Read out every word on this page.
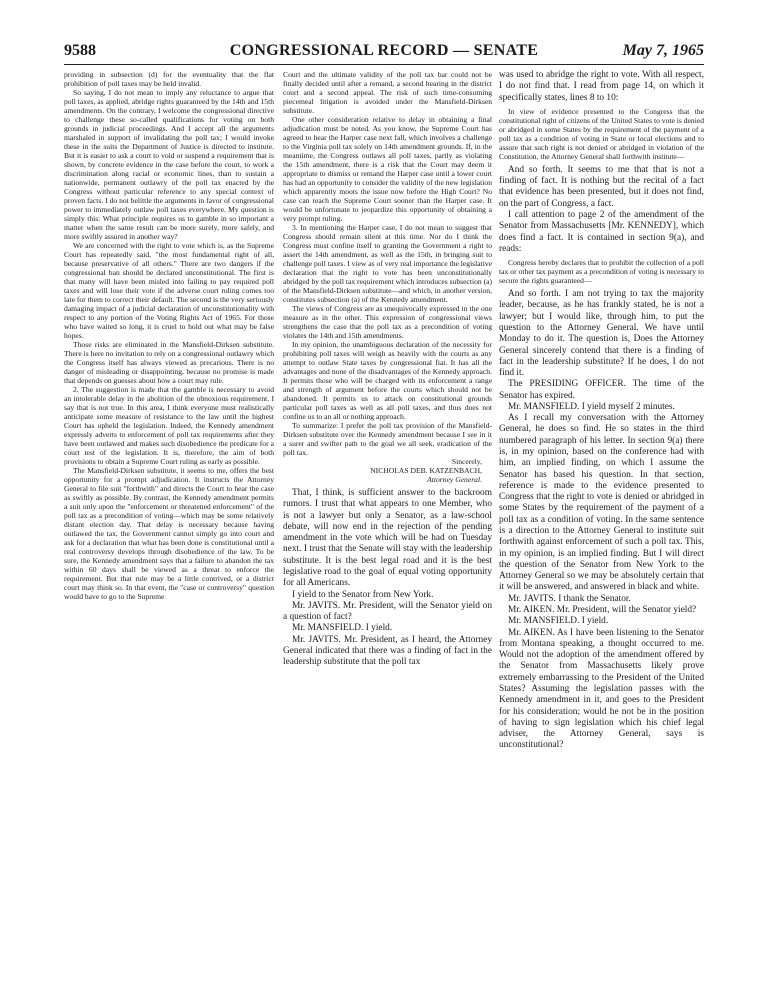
9588	CONGRESSIONAL RECORD — SENATE	May 7, 1965

providing in subsection (d) for the eventuality that the flat prohibition of poll taxes may be held invalid.

So saying, I do not mean to imply any reluctance to argue that poll taxes, as applied, abridge rights guaranteed by the 14th and 15th amendments. On the contrary, I welcome the congressional directive to challenge these so-called qualifications for voting on both grounds in judicial proceedings. And I accept all the arguments marshaled in support of invalidating the poll tax; I would invoke these in the suits the Department of Justice is directed to institute. But it is easier to ask a court to void or suspend a requirement that is shown, by concrete evidence in the case before the court, to work a discrimination along racial or economic lines, than to sustain a nationwide, permanent outlawry of the poll tax enacted by the Congress without particular reference to any special context of proven facts. I do not belittle the arguments in favor of congressional power to immediately outlaw poll taxes everywhere. My question is simply this: What principle requires us to gamble in so important a matter when the same result can be more surely, more safely, and more swiftly assured in another way?

We are concerned with the right to vote which is, as the Supreme Court has repeatedly said, "the most fundamental right of all, because preservative of all others." There are two dangers if the congressional ban should be declared unconstitutional. The first is that many will have been misled into failing to pay required poll taxes and will lose their vote if the adverse court ruling comes too late for them to correct their default. The second is the very seriously damaging impact of a judicial declaration of unconstitutionality with respect to any portion of the Voting Rights Act of 1965. For those who have waited so long, it is cruel to hold out what may be false hopes.

Those risks are eliminated in the Mansfield-Dirksen substitute. There is here no invitation to rely on a congressional outlawry which the Congress itself has always viewed as precarious. There is no danger of misleading or disappointing, because no promise is made that depends on guesses about how a court may rule.

2. The suggestion is made that the gamble is necessary to avoid an intolerable delay in the abolition of the obnoxious requirement. I say that is not true. In this area, I think everyone must realistically anticipate some measure of resistance to the law until the highest Court has upheld the legislation. Indeed, the Kennedy amendment expressly adverts to enforcement of poll tax requirements after they have been outlawed and makes such disobedience the predicate for a court test of the legislation. It is, therefore, the aim of both provisions to obtain a Supreme Court ruling as early as possible.

The Mansfield-Dirksen substitute, it seems to me, offers the best opportunity for a prompt adjudication. It instructs the Attorney General to file suit "forthwith" and directs the Court to hear the case as swiftly as possible. By contrast, the Kennedy amendment permits a suit only upon the "enforcement or threatened enforcement" of the poll tax as a precondition of voting—which may be some relatively distant election day. That delay is necessary because having outlawed the tax, the Government cannot simply go into court and ask for a declaration that what has been done is constitutional until a real controversy develops through disobedience of the law. To be sure, the Kennedy amendment says that a failure to abandon the tax within 60 days shall be viewed as a threat to enforce the requirement. But that rule may be a little contrived, or a district court may think so. In that event, the "case or controversy" question would have to go to the Supreme

Court and the ultimate validity of the poll tax bar could not be finally decided until after a remand, a second hearing in the district court and a second appeal. The risk of such time-consuming piecemeal litigation is avoided under the Mansfield-Dirksen substitute.

One other consideration relative to delay in obtaining a final adjudication must be noted. As you know, the Supreme Court has agreed to hear the Harper case next fall, which involves a challenge to the Virginia poll tax solely on 14th amendment grounds. If, in the meantime, the Congress outlaws all poll taxes, partly as violating the 15th amendment, there is a risk that the Court may deem it appropriate to dismiss or remand the Harper case until a lower court has had an opportunity to consider the validity of the new legislation which apparently moots the issue now before the High Court? No case can reach the Supreme Court sooner than the Harper case. It would be unfortunate to jeopardize this opportunity of obtaining a very prompt ruling.

3. In mentioning the Harper case, I do not mean to suggest that Congress should remain silent at this time. Nor do I think the Congress must confine itself to granting the Government a right to assert the 14th amendment, as well as the 15th, in bringing suit to challenge poll taxes. I view as of very real importance the legislative declaration that the right to vote has been unconstitutionally abridged by the poll tax requirement which introduces subsection (a) of the Mansfield-Dirksen substitute—and which, in another version, constitutes subsection (a) of the Kennedy amendment.

The views of Congress are as unequivocally expressed in the one measure as in the other. This expression of congressional views strengthens the case that the poll tax as a precondition of voting violates the 14th and 15th amendments.

In my opinion, the unambiguous declaration of the necessity for prohibiting poll taxes will weigh as heavily with the courts as any attempt to outlaw State taxes by congressional fiat. It has all the advantages and none of the disadvantages of the Kennedy approach. It permits those who will be charged with its enforcement a range and strength of argument before the courts which should not be abandoned. It permits us to attack on constitutional grounds particular poll taxes as well as all poll taxes, and thus does not confine us to an all or nothing approach.

To summarize: I prefer the poll tax provision of the Mansfield-Dirksen substitute over the Kennedy amendment because I see in it a surer and swifter path to the goal we all seek, eradication of the poll tax.

Sincerely,

NICHOLAS DEB. KATZENBACH,

Attorney General.

That, I think, is sufficient answer to the backroom rumors. I trust that what appears to one Member, who is not a lawyer but only a Senator, as a law-school debate, will now end in the rejection of the pending amendment in the vote which will be had on Tuesday next. I trust that the Senate will stay with the leadership substitute. It is the best legal road and it is the best legislative road to the goal of equal voting opportunity for all Americans.

I yield to the Senator from New York.

Mr. JAVITS. Mr. President, will the Senator yield on a question of fact?

Mr. MANSFIELD. I yield.

Mr. JAVITS. Mr. President, as I heard, the Attorney General indicated that there was a finding of fact in the leadership substitute that the poll tax

was used to abridge the right to vote. With all respect, I do not find that. I read from page 14, on which it specifically states, lines 8 to 10:

In view of evidence presented to the Congress that the constitutional right of citizens of the United States to vote is denied or abridged in some States by the requirement of the payment of a poll tax as a condition of voting in State or local elections and to assure that such right is not denied or abridged in violation of the Constitution, the Attorney General shall forthwith institute—

And so forth. It seems to me that that is not a finding of fact. It is nothing but the recital of a fact that evidence has been presented, but it does not find, on the part of Congress, a fact.

I call attention to page 2 of the amendment of the Senator from Massachusetts [Mr. KENNEDY], which does find a fact. It is contained in section 9(a), and reads:

Congress hereby declares that to prohibit the collection of a poll tax or other tax payment as a precondition of voting is necessary to secure the rights guaranteed—

And so forth. I am not trying to tax the majority leader, because, as he has frankly stated, he is not a lawyer; but I would like, through him, to put the question to the Attorney General. We have until Monday to do it. The question is, Does the Attorney General sincerely contend that there is a finding of fact in the leadership substitute? If he does, I do not find it.

The PRESIDING OFFICER. The time of the Senator has expired.

Mr. MANSFIELD. I yield myself 2 minutes.

As I recall my conversation with the Attorney General, he does so find. He so states in the third numbered paragraph of his letter. In section 9(a) there is, in my opinion, based on the conference had with him, an implied finding, on which I assume the Senator has based his question. In that section, reference is made to the evidence presented to Congress that the right to vote is denied or abridged in some States by the requirement of the payment of a poll tax as a condition of voting. In the same sentence is a direction to the Attorney General to institute suit forthwith against enforcement of such a poll tax. This, in my opinion, is an implied finding. But I will direct the question of the Senator from New York to the Attorney General so we may be absolutely certain that it will be answered, and answered in black and white.

Mr. JAVITS. I thank the Senator.

Mr. AIKEN. Mr. President, will the Senator yield?

Mr. MANSFIELD. I yield.

Mr. AIKEN. As I have been listening to the Senator from Montana speaking, a thought occurred to me. Would not the adoption of the amendment offered by the Senator from Massachusetts likely prove extremely embarrassing to the President of the United States? Assuming the legislation passes with the Kennedy amendment in it, and goes to the President for his consideration; would he not be in the position of having to sign legislation which his chief legal adviser, the Attorney General, says is unconstitutional?
